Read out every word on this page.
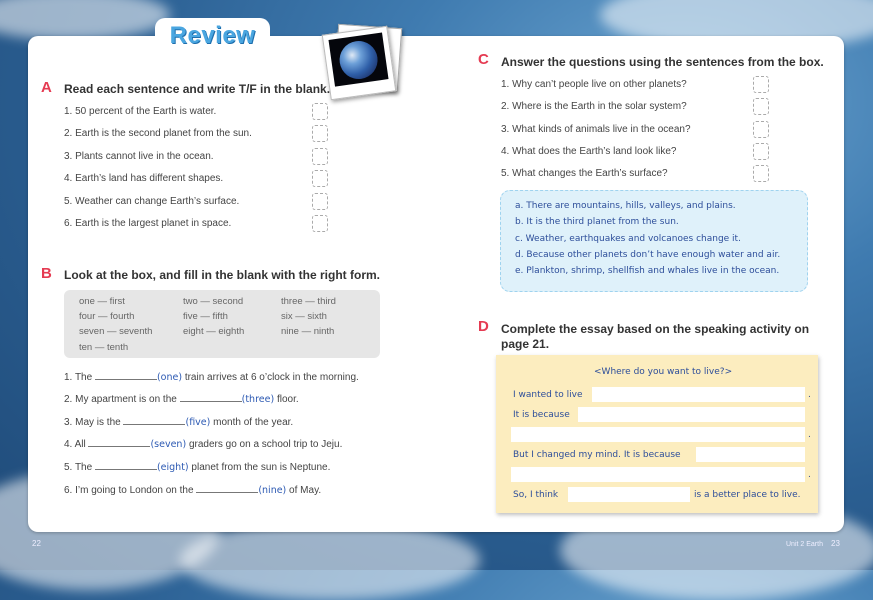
Review
A Read each sentence and write T/F in the blank.
1. 50 percent of the Earth is water.
2. Earth is the second planet from the sun.
3. Plants cannot live in the ocean.
4. Earth’s land has different shapes.
5. Weather can change Earth’s surface.
6. Earth is the largest planet in space.
B Look at the box, and fill in the blank with the right form.
one — first	two — second	three — third
four — fourth	five — fifth	six — sixth
seven — seventh	eight — eighth	nine — ninth
ten — tenth
1. The	(one) train arrives at 6 o’clock in the morning.
2. My apartment is on the	(three) floor.
3. May is the	(five) month of the year.
4. All	(seven) graders go on a school trip to Jeju.
5. The	(eight) planet from the sun is Neptune.
6. I’m going to London on the	(nine) of May.
C Answer the questions using the sentences from the box.
1. Why can’t people live on other planets?
2. Where is the Earth in the solar system?
3. What kinds of animals live in the ocean?
4. What does the Earth’s land look like?
5. What changes the Earth’s surface?
a. There are mountains, hills, valleys, and plains.
b. It is the third planet from the sun.
c. Weather, earthquakes and volcanoes change it.
d. Because other planets don’t have enough water and air.
e. Plankton, shrimp, shellfish and whales live in the ocean.
D Complete the essay based on the speaking activity on
page 21.
<Where do you want to live?>
I wanted to live	.
It is because
.
But I changed my mind. It is because
.
So, I think	is a better place to live.
22	Unit 2 Earth 23
